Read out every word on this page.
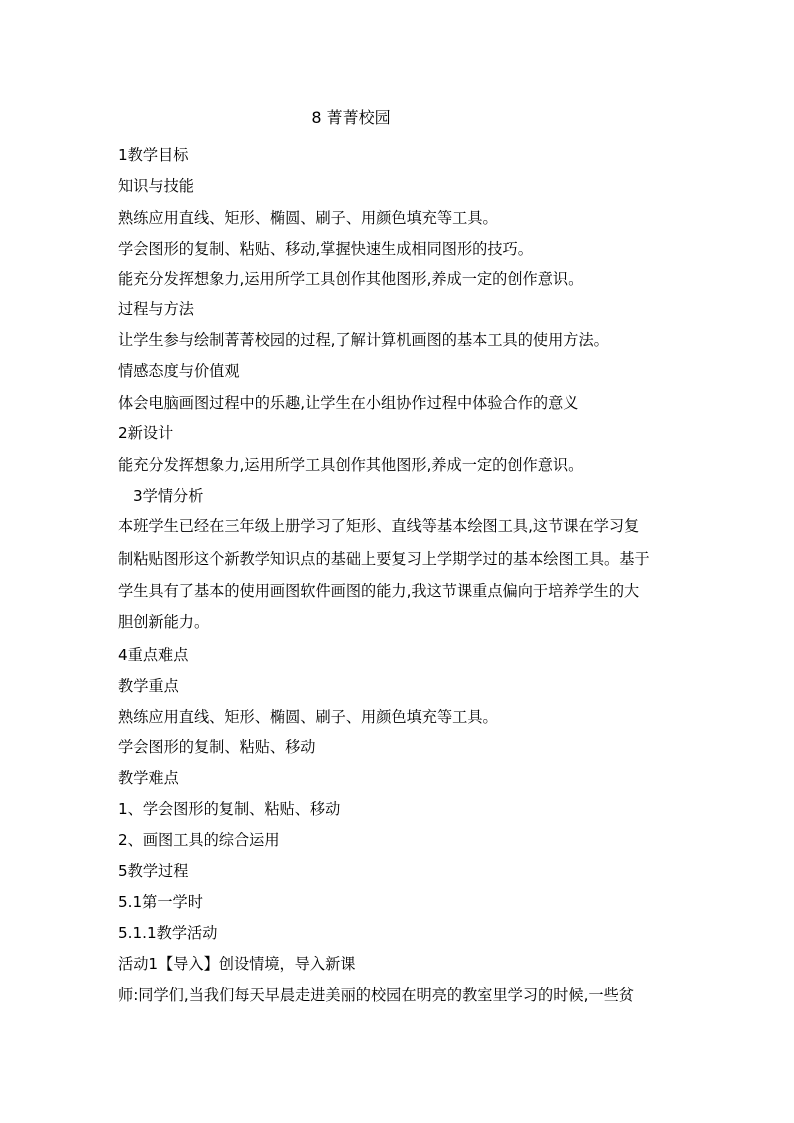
8 菁菁校园
1教学目标
知识与技能
熟练应用直线、矩形、椭圆、刷子、用颜色填充等工具。
学会图形的复制、粘贴、移动,掌握快速生成相同图形的技巧。
能充分发挥想象力,运用所学工具创作其他图形,养成一定的创作意识。
过程与方法
让学生参与绘制菁菁校园的过程,了解计算机画图的基本工具的使用方法。
情感态度与价值观
体会电脑画图过程中的乐趣,让学生在小组协作过程中体验合作的意义
2新设计
能充分发挥想象力,运用所学工具创作其他图形,养成一定的创作意识。
3学情分析
本班学生已经在三年级上册学习了矩形、直线等基本绘图工具,这节课在学习复
制粘贴图形这个新教学知识点的基础上要复习上学期学过的基本绘图工具。基于
学生具有了基本的使用画图软件画图的能力,我这节课重点偏向于培养学生的大
胆创新能力。
4重点难点
教学重点
熟练应用直线、矩形、椭圆、刷子、用颜色填充等工具。
学会图形的复制、粘贴、移动
教学难点
1、学会图形的复制、粘贴、移动
2、画图工具的综合运用
5教学过程
5.1第一学时
5.1.1教学活动
活动1【导入】创设情境，导入新课
师:同学们,当我们每天早晨走进美丽的校园在明亮的教室里学习的时候,一些贫
